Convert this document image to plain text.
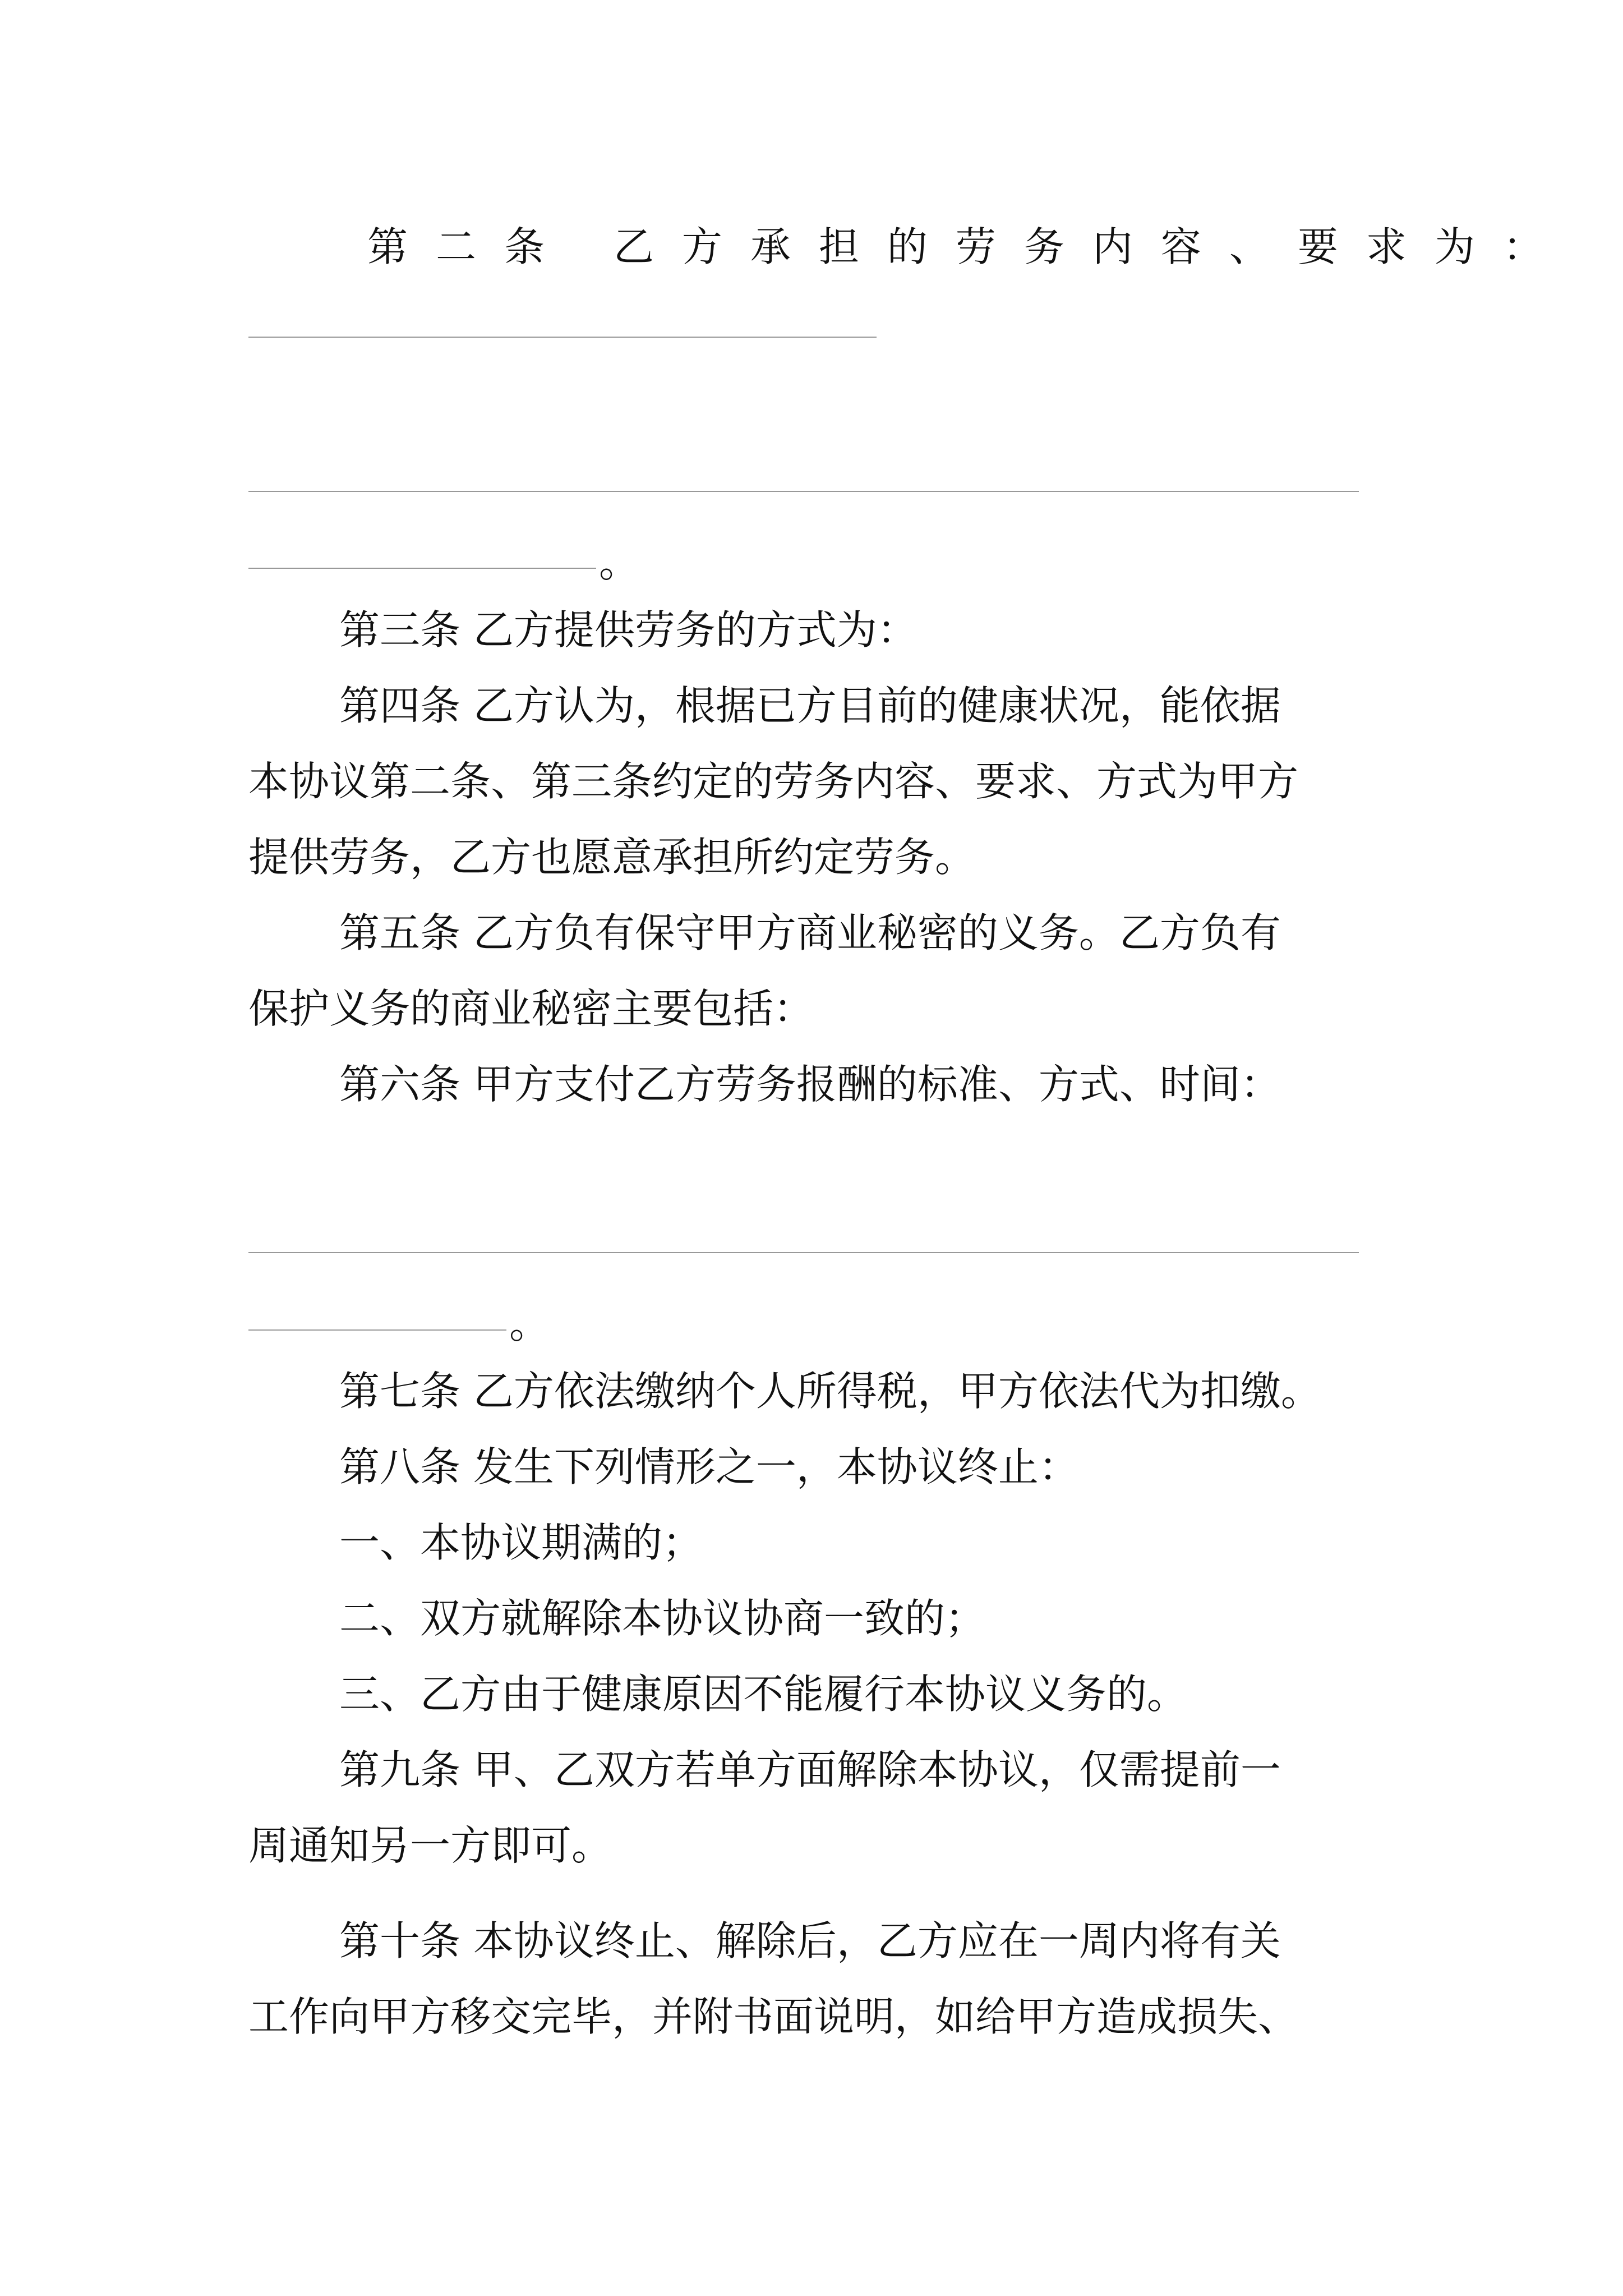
第二条 乙方承担的劳务内容、要求为：
。
第三条 乙方提供劳务的方式为：
第四条 乙方认为，根据已方目前的健康状况，能依据
本协议第二条、第三条约定的劳务内容、要求、方式为甲方
提供劳务，乙方也愿意承担所约定劳务。
第五条 乙方负有保守甲方商业秘密的义务。乙方负有
保护义务的商业秘密主要包括：
第六条 甲方支付乙方劳务报酬的标准、方式、时间：
。
第七条 乙方依法缴纳个人所得税，甲方依法代为扣缴。
第八条 发生下列情形之一，本协议终止：
一、本协议期满的；
二、双方就解除本协议协商一致的；
三、乙方由于健康原因不能履行本协议义务的。
第九条 甲、乙双方若单方面解除本协议，仅需提前一
周通知另一方即可。
第十条 本协议终止、解除后，乙方应在一周内将有关
工作向甲方移交完毕，并附书面说明，如给甲方造成损失、
